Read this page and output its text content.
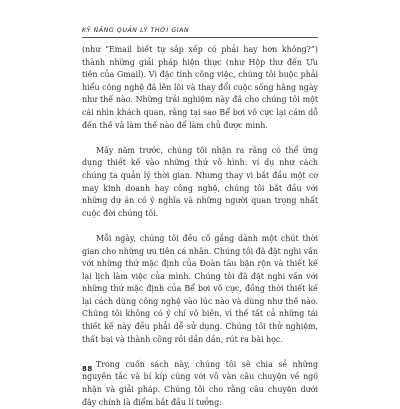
KỸ NĂNG QUẢN LÝ THỜI GIAN

(như “Email biết tự sắp xếp có phải hay hơn không?”) thành những giải pháp hiện thực (như Hộp thư đến Ưu tiên của Gmail). Vì đặc tính công việc, chúng tôi buộc phải hiểu công nghệ đã lên lôi và thay đổi cuộc sống hằng ngày như thế nào. Những trải nghiệm này đã cho chúng tôi một cái nhìn khách quan, rằng tại sao Bể bơi vô cực lại cám dỗ đến thế và làm thế nào để làm chủ được mình.

Mấy năm trước, chúng tôi nhận ra rằng có thể ứng dụng thiết kế vào những thứ vô hình: ví dụ như cách chúng ta quản lý thời gian. Nhưng thay vì bắt đầu một cơ may kinh doanh hay công nghệ, chúng tôi bắt đầu với những dự án có ý nghĩa và những người quan trọng nhất cuộc đời chúng tôi.

Mỗi ngày, chúng tôi đều cố gắng dành một chút thời gian cho những ưu tiên cá nhân. Chúng tôi đã đặt nghi vấn với những thứ mặc định của Đoàn tàu bận rộn và thiết kế lại lịch làm việc của mình. Chúng tôi đã đặt nghi vấn với những thứ mặc định của Bể bơi vô cực, đồng thời thiết kế lại cách dùng công nghệ vào lúc nào và dùng như thế nào. Chúng tôi không có ý chí vô biên, vì thế tất cả những tái thiết kế này đều phải dễ sử dụng. Chúng tôi thử nghiệm, thất bại và thành công rồi dần dần, rút ra bài học.

Trong cuốn sách này, chúng tôi sẽ chia sẻ những nguyên tắc và bí kíp cũng với vô vàn câu chuyện về ngõ nhặn và giải pháp. Chúng tôi cho rằng câu chuyện dưới đây chính là điểm bắt đầu lí tưởng:

88
